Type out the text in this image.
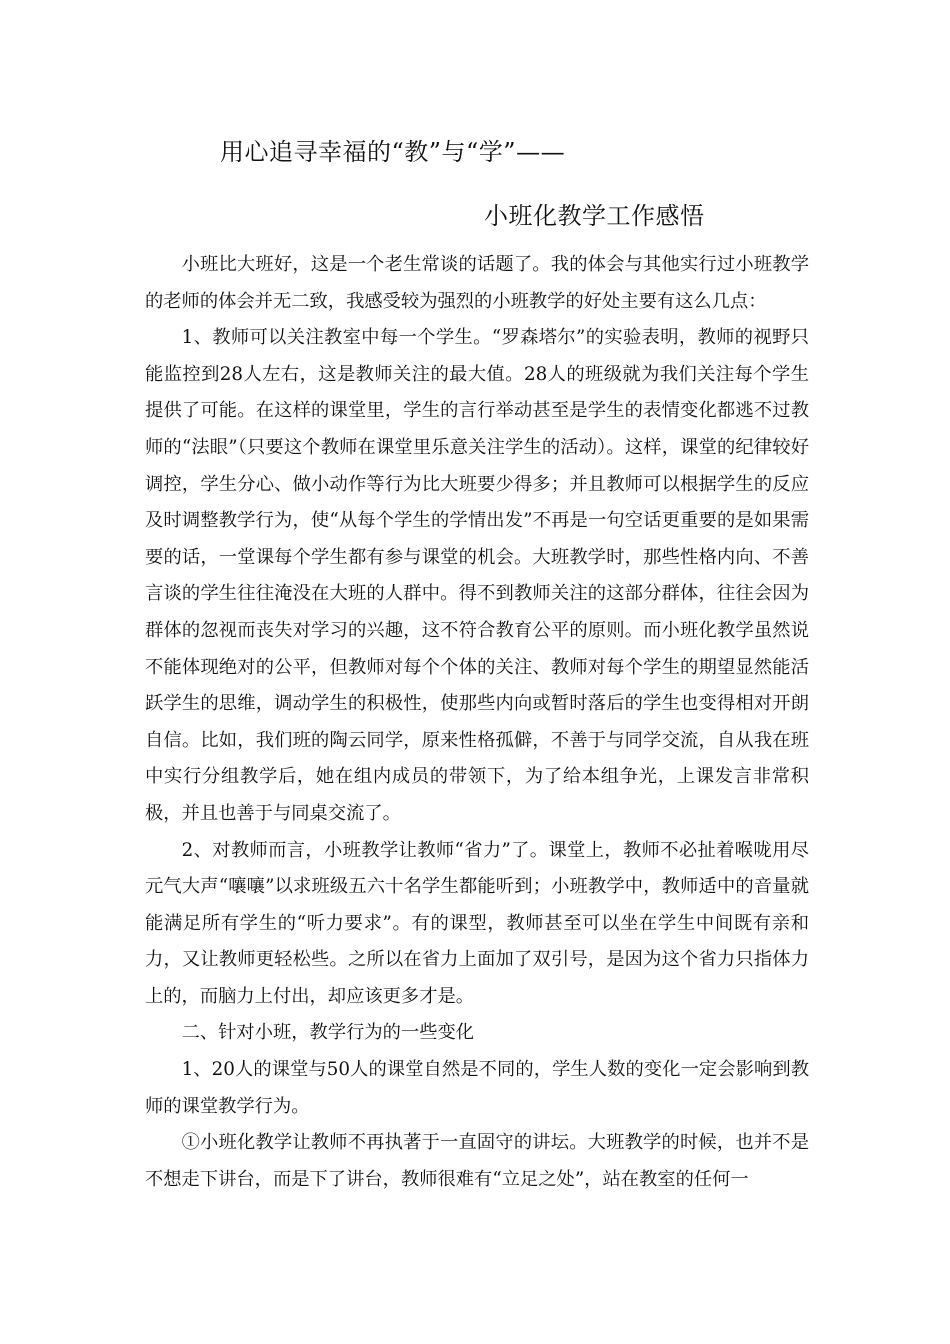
用心追寻幸福的“教”与“学”——
小班化教学工作感悟

小班比大班好，这是一个老生常谈的话题了。我的体会与其他实行过小班教学的老师的体会并无二致，我感受较为强烈的小班教学的好处主要有这么几点：

1、教师可以关注教室中每一个学生。“罗森塔尔”的实验表明，教师的视野只能监控到28人左右，这是教师关注的最大值。28人的班级就为我们关注每个学生提供了可能。在这样的课堂里，学生的言行举动甚至是学生的表情变化都逃不过教师的“法眼”（只要这个教师在课堂里乐意关注学生的活动）。这样，课堂的纪律较好调控，学生分心、做小动作等行为比大班要少得多；并且教师可以根据学生的反应及时调整教学行为，使“从每个学生的学情出发”不再是一句空话更重要的是如果需要的话，一堂课每个学生都有参与课堂的机会。大班教学时，那些性格内向、不善言谈的学生往往淹没在大班的人群中。得不到教师关注的这部分群体，往往会因为群体的忽视而丧失对学习的兴趣，这不符合教育公平的原则。而小班化教学虽然说不能体现绝对的公平，但教师对每个个体的关注、教师对每个学生的期望显然能活跃学生的思维，调动学生的积极性，使那些内向或暂时落后的学生也变得相对开朗自信。比如，我们班的陶云同学，原来性格孤僻，不善于与同学交流，自从我在班中实行分组教学后，她在组内成员的带领下，为了给本组争光，上课发言非常积极，并且也善于与同桌交流了。

2、对教师而言，小班教学让教师“省力”了。课堂上，教师不必扯着喉咙用尽元气大声“嚷嚷”以求班级五六十名学生都能听到；小班教学中，教师适中的音量就能满足所有学生的“听力要求”。有的课型，教师甚至可以坐在学生中间既有亲和力，又让教师更轻松些。之所以在省力上面加了双引号，是因为这个省力只指体力上的，而脑力上付出，却应该更多才是。

二、针对小班，教学行为的一些变化

1、20人的课堂与50人的课堂自然是不同的，学生人数的变化一定会影响到教师的课堂教学行为。

①小班化教学让教师不再执著于一直固守的讲坛。大班教学的时候，也并不是不想走下讲台，而是下了讲台，教师很难有“立足之处”，站在教室的任何一
